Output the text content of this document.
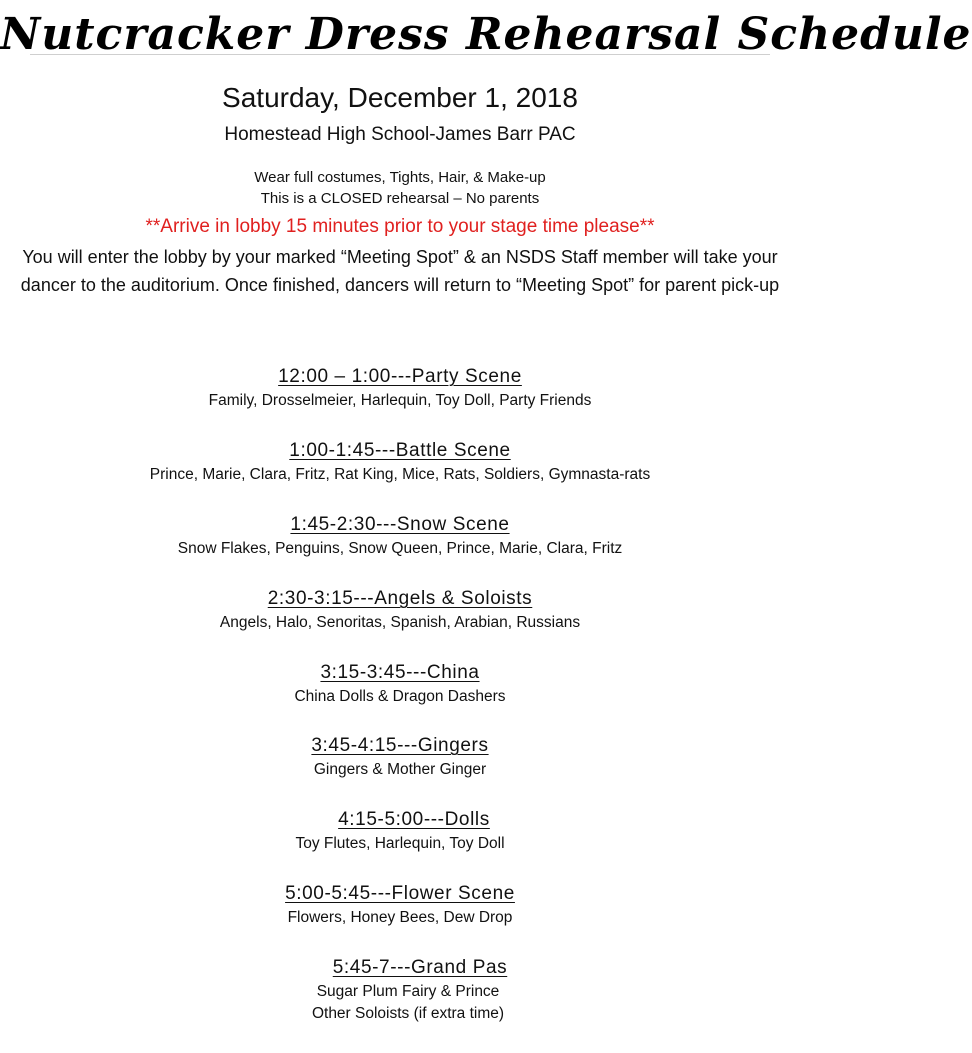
Nutcracker Dress Rehearsal Schedule
Saturday, December 1, 2018
Homestead High School-James Barr PAC
Wear full costumes, Tights, Hair, & Make-up
This is a CLOSED rehearsal – No parents
**Arrive in lobby 15 minutes prior to your stage time please**
You will enter the lobby by your marked “Meeting Spot” & an NSDS Staff member will take your dancer to the auditorium. Once finished, dancers will return to “Meeting Spot” for parent pick-up
12:00 – 1:00---Party Scene
Family, Drosselmeier, Harlequin, Toy Doll, Party Friends
1:00-1:45---Battle Scene
Prince, Marie, Clara, Fritz, Rat King, Mice, Rats, Soldiers, Gymnasta-rats
1:45-2:30---Snow Scene
Snow Flakes, Penguins, Snow Queen, Prince, Marie, Clara, Fritz
2:30-3:15---Angels & Soloists
Angels, Halo, Senoritas, Spanish, Arabian, Russians
3:15-3:45---China
China Dolls & Dragon Dashers
3:45-4:15---Gingers
Gingers & Mother Ginger
4:15-5:00---Dolls
Toy Flutes, Harlequin, Toy Doll
5:00-5:45---Flower Scene
Flowers, Honey Bees, Dew Drop
5:45-7---Grand Pas
Sugar Plum Fairy & Prince
Other Soloists (if extra time)
